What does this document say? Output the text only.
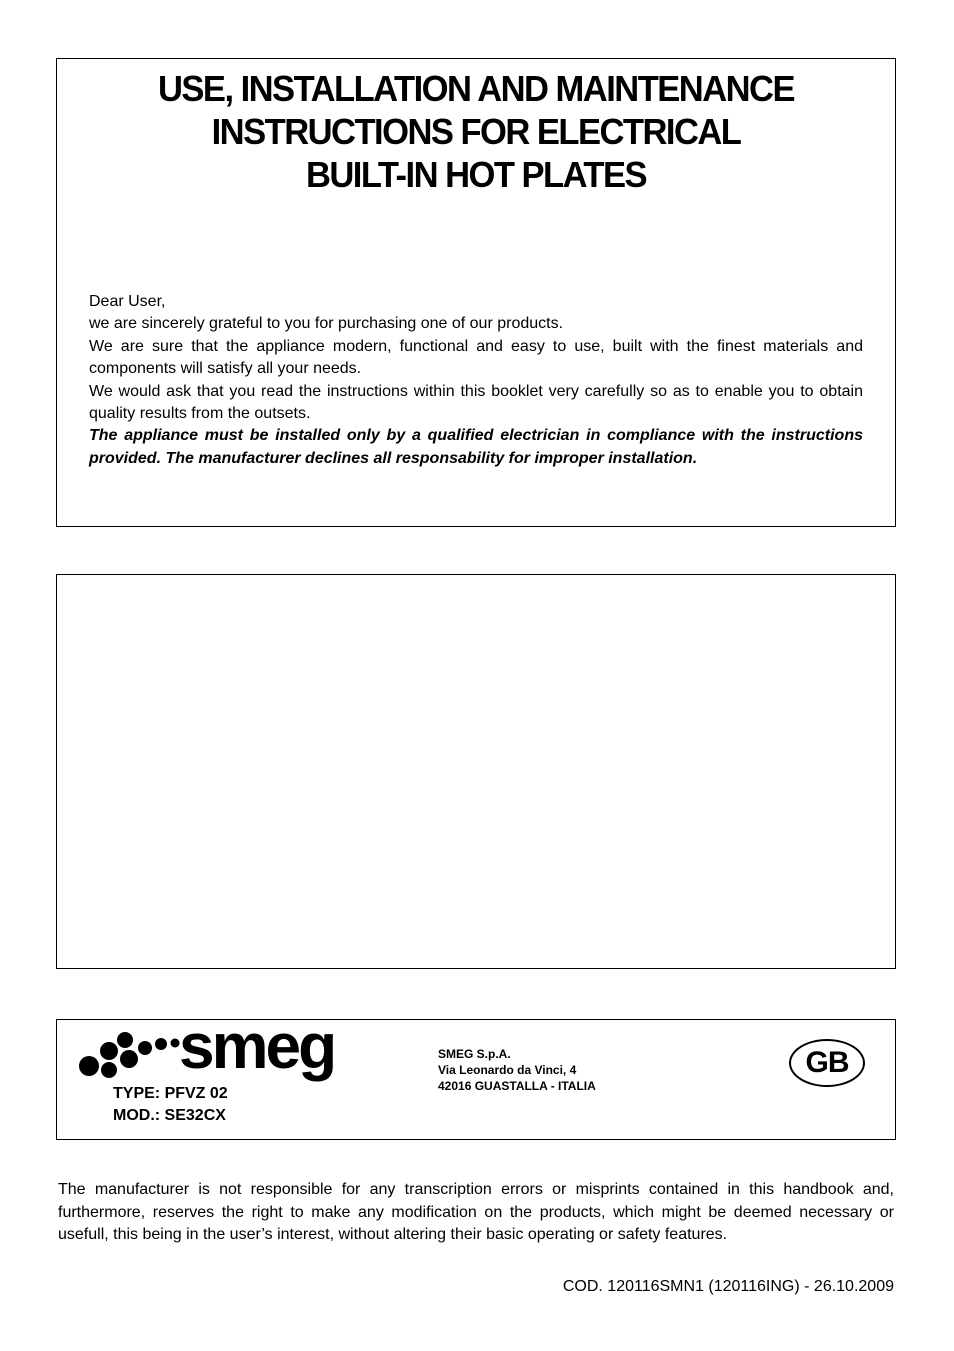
USE, INSTALLATION AND MAINTENANCE
INSTRUCTIONS FOR ELECTRICAL
BUILT-IN HOT PLATES

Dear User,

we are sincerely grateful to you for purchasing one of our products.

We are sure that the appliance modern, functional and easy to use, built with the finest materials and components will satisfy all your needs.

We would ask that you read the instructions within this booklet very carefully so as to enable you to obtain quality results from the outsets.

The appliance must be installed only by a qualified electrician in compliance with the instructions provided. The manufacturer declines all responsability for improper installation.

smeg
TYPE: PFVZ 02
MOD.: SE32CX
SMEG S.p.A.
Via Leonardo da Vinci, 4
42016 GUASTALLA - ITALIA
GB

The manufacturer is not responsible for any transcription errors or misprints contained in this handbook and, furthermore, reserves the right to make any modification on the products, which might be deemed necessary or usefull, this being in the user’s interest, without altering their basic operating or safety features.

COD. 120116SMN1 (120116ING) - 26.10.2009
